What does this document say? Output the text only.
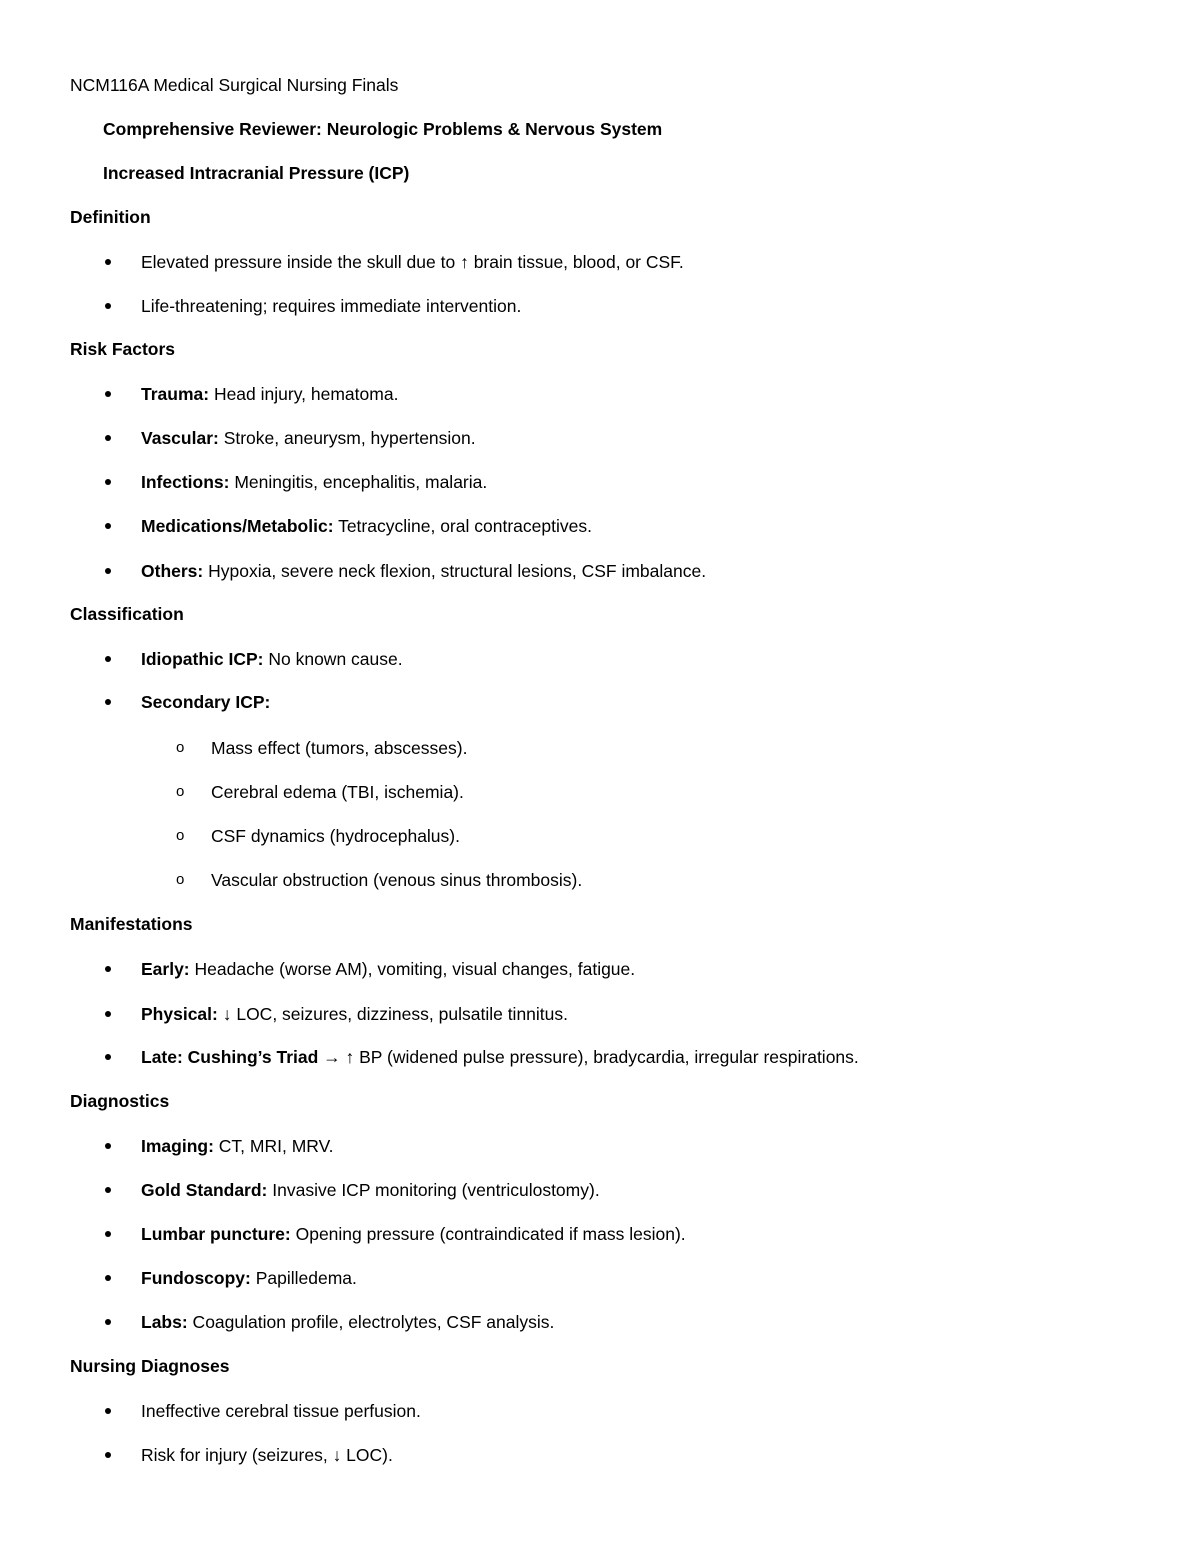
NCM116A Medical Surgical Nursing Finals
Comprehensive Reviewer: Neurologic Problems & Nervous System
Increased Intracranial Pressure (ICP)
Definition
Elevated pressure inside the skull due to ↑ brain tissue, blood, or CSF.
Life-threatening; requires immediate intervention.
Risk Factors
Trauma: Head injury, hematoma.
Vascular: Stroke, aneurysm, hypertension.
Infections: Meningitis, encephalitis, malaria.
Medications/Metabolic: Tetracycline, oral contraceptives.
Others: Hypoxia, severe neck flexion, structural lesions, CSF imbalance.
Classification
Idiopathic ICP: No known cause.
Secondary ICP:
o Mass effect (tumors, abscesses).
o Cerebral edema (TBI, ischemia).
o CSF dynamics (hydrocephalus).
o Vascular obstruction (venous sinus thrombosis).
Manifestations
Early: Headache (worse AM), vomiting, visual changes, fatigue.
Physical: ↓ LOC, seizures, dizziness, pulsatile tinnitus.
Late: Cushing’s Triad → ↑ BP (widened pulse pressure), bradycardia, irregular respirations.
Diagnostics
Imaging: CT, MRI, MRV.
Gold Standard: Invasive ICP monitoring (ventriculostomy).
Lumbar puncture: Opening pressure (contraindicated if mass lesion).
Fundoscopy: Papilledema.
Labs: Coagulation profile, electrolytes, CSF analysis.
Nursing Diagnoses
Ineffective cerebral tissue perfusion.
Risk for injury (seizures, ↓ LOC).
